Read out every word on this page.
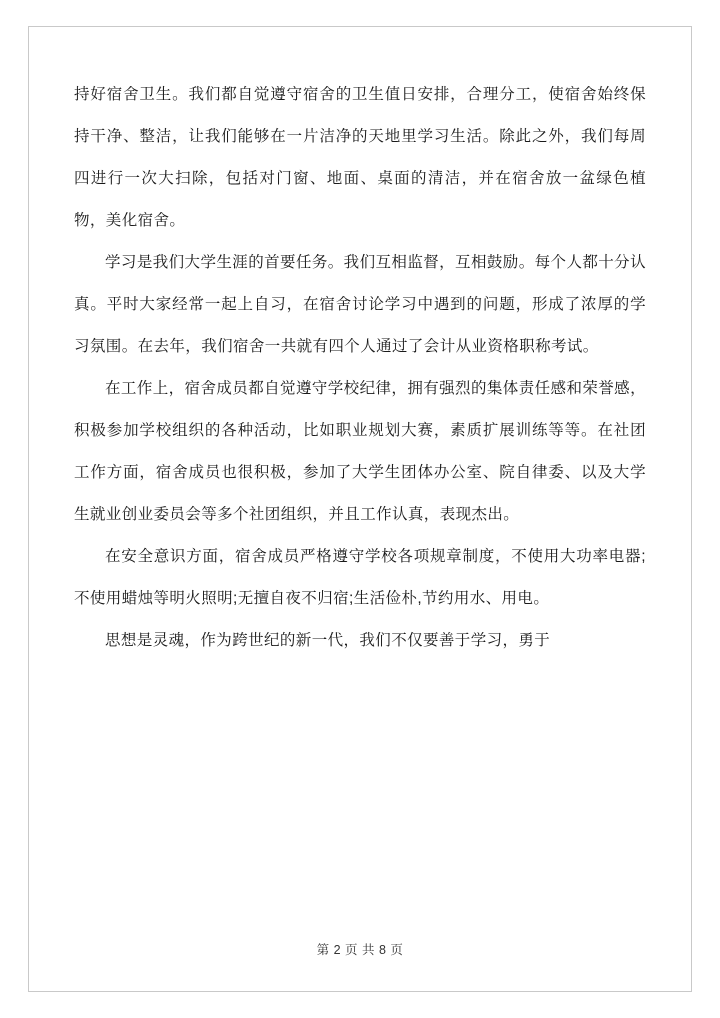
持好宿舍卫生。我们都自觉遵守宿舍的卫生值日安排，合理分工，使宿舍始终保持干净、整洁，让我们能够在一片洁净的天地里学习生活。除此之外，我们每周四进行一次大扫除，包括对门窗、地面、桌面的清洁，并在宿舍放一盆绿色植物，美化宿舍。

学习是我们大学生涯的首要任务。我们互相监督，互相鼓励。每个人都十分认真。平时大家经常一起上自习，在宿舍讨论学习中遇到的问题，形成了浓厚的学习氛围。在去年，我们宿舍一共就有四个人通过了会计从业资格职称考试。

在工作上，宿舍成员都自觉遵守学校纪律，拥有强烈的集体责任感和荣誉感，积极参加学校组织的各种活动，比如职业规划大赛，素质扩展训练等等。在社团工作方面，宿舍成员也很积极，参加了大学生团体办公室、院自律委、以及大学生就业创业委员会等多个社团组织，并且工作认真，表现杰出。

在安全意识方面，宿舍成员严格遵守学校各项规章制度，不使用大功率电器;不使用蜡烛等明火照明;无擅自夜不归宿;生活俭朴,节约用水、用电。

思想是灵魂，作为跨世纪的新一代，我们不仅要善于学习，勇于

第 2 页 共 8 页
